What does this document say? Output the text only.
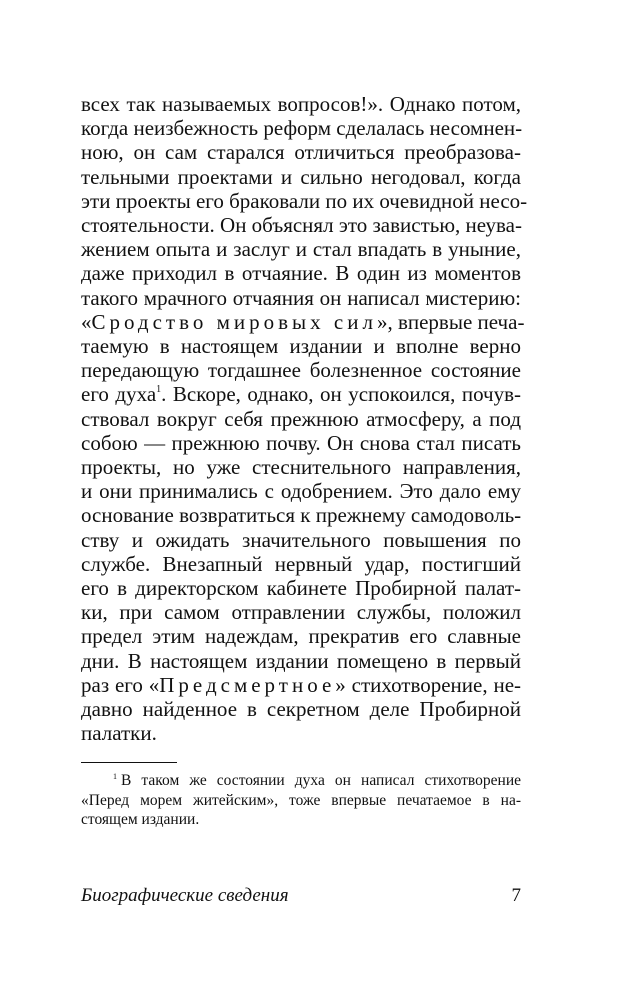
всех так называемых вопросов!». Однако потом,
когда неизбежность реформ сделалась несомнен-
ною, он сам старался отличиться преобразова-
тельными проектами и сильно негодовал, когда
эти проекты его браковали по их очевидной несо-
стоятельности. Он объяснял это завистью, неува-
жением опыта и заслуг и стал впадать в уныние,
даже приходил в отчаяние. В один из моментов
такого мрачного отчаяния он написал мистерию:
«Сродство мировых сил», впервые печа-
таемую в настоящем издании и вполне верно
передающую тогдашнее болезненное состояние
его духа$^1$. Вскоре, однако, он успокоился, почув-
ствовал вокруг себя прежнюю атмосферу, а под
собою — прежнюю почву. Он снова стал писать
проекты, но уже стеснительного направления,
и они принимались с одобрением. Это дало ему
основание возвратиться к прежнему самодоволь-
ству и ожидать значительного повышения по
службе. Внезапный нервный удар, постигший
его в директорском кабинете Пробирной палат-
ки, при самом отправлении службы, положил
предел этим надеждам, прекратив его славные
дни. В настоящем издании помещено в первый
раз его «Предсмертное» стихотворение, не-
давно найденное в секретном деле Пробирной
палатки.
$^1$ В таком же состоянии духа он написал стихотворение
«Перед морем житейским», тоже впервые печатаемое в на-
стоящем издании.
Биографические сведения	7
